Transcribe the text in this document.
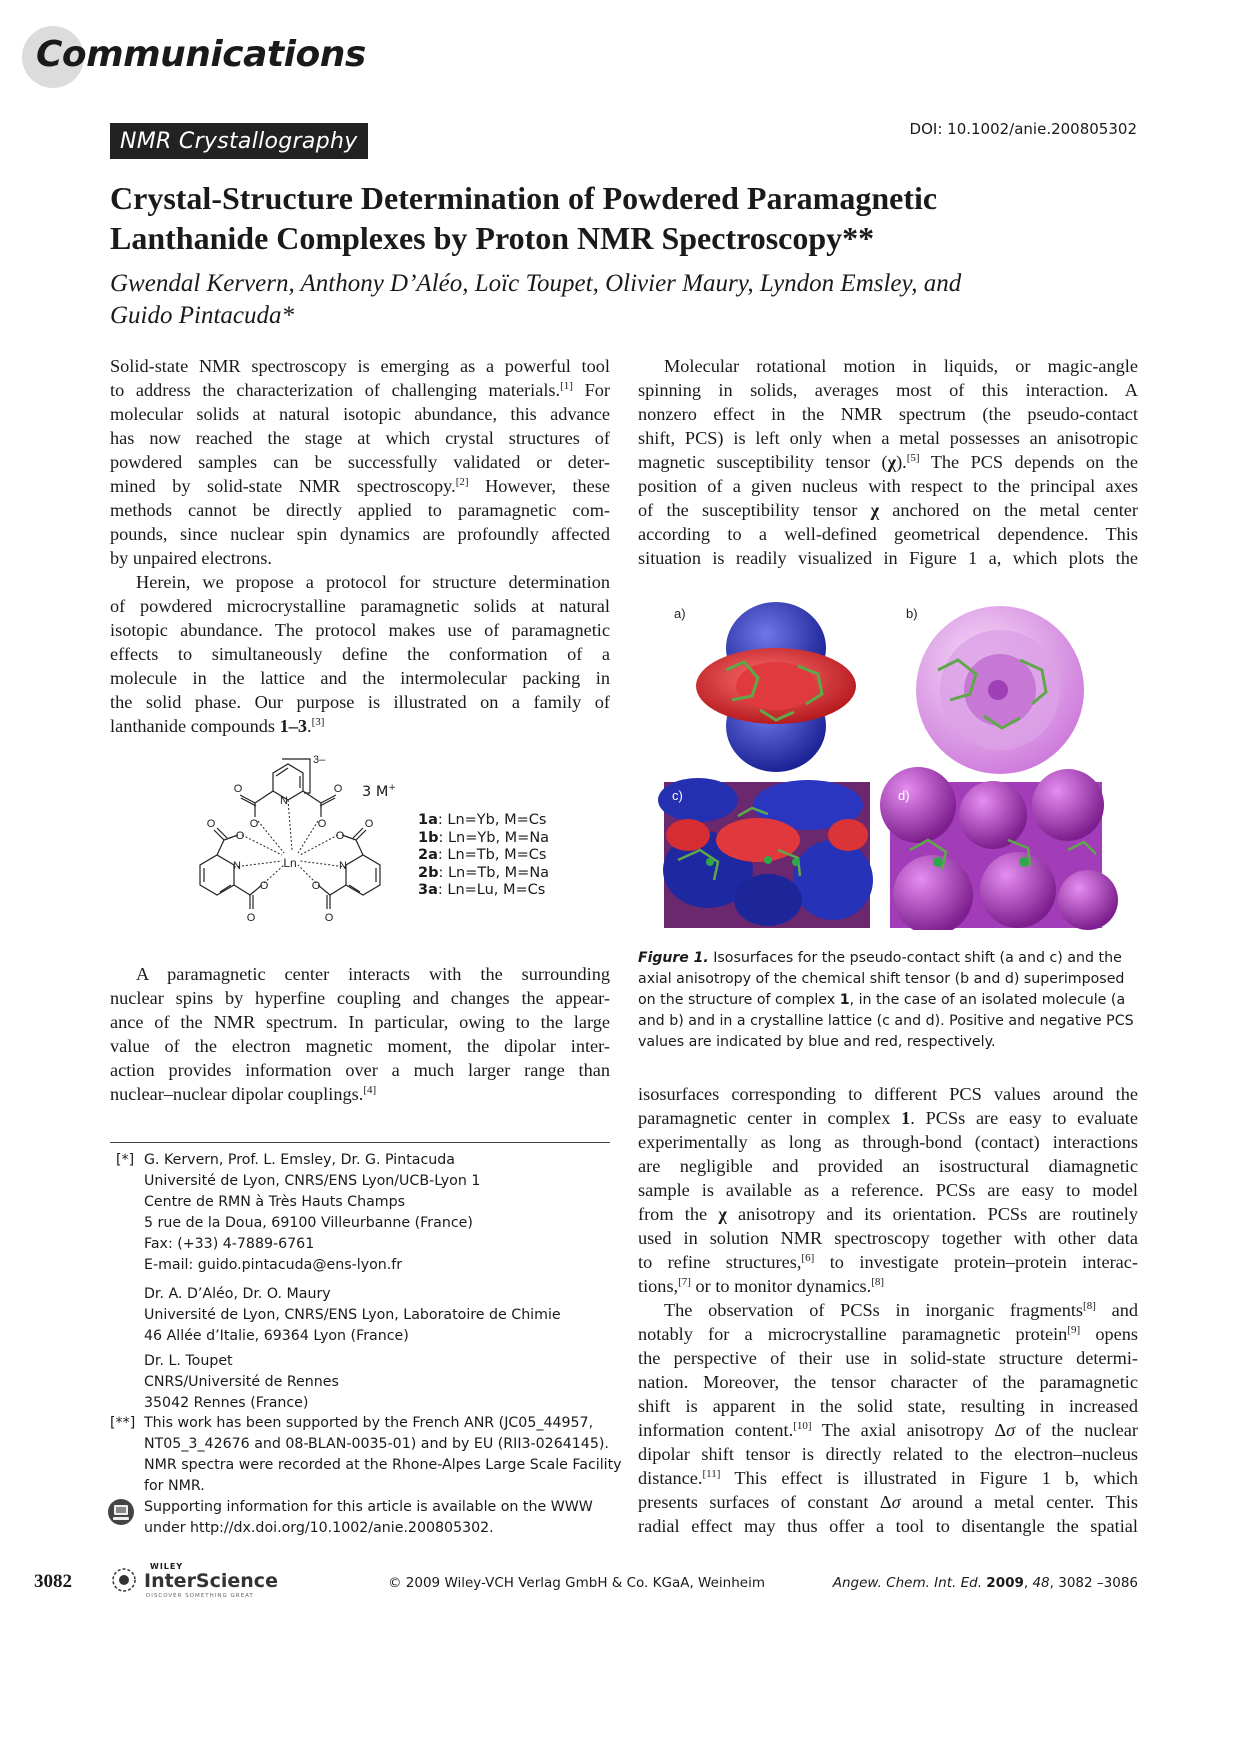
Communications
NMR Crystallography	DOI: 10.1002/anie.200805302
Crystal-Structure Determination of Powdered Paramagnetic
Lanthanide Complexes by Proton NMR Spectroscopy**
Gwendal Kervern, Anthony D’Aléo, Loïc Toupet, Olivier Maury, Lyndon Emsley, and
Guido Pintacuda*
Solid-state NMR spectroscopy is emerging as a powerful tool
to address the characterization of challenging materials.[1] For
molecular solids at natural isotopic abundance, this advance
has now reached the stage at which crystal structures of
powdered samples can be successfully validated or deter-
mined by solid-state NMR spectroscopy.[2] However, these
methods cannot be directly applied to paramagnetic com-
pounds, since nuclear spin dynamics are profoundly affected
by unpaired electrons.
Herein, we propose a protocol for structure determination
of powdered microcrystalline paramagnetic solids at natural
isotopic abundance. The protocol makes use of paramagnetic
effects to simultaneously define the conformation of a
molecule in the lattice and the intermolecular packing in
the solid phase. Our purpose is illustrated on a family of
lanthanide compounds 1–3.[3]
3–
Ln
N
O	O
O	O
O
O
O
O
N	N
O	O
O	O
3 M+
1a: Ln=Yb, M=Cs
1b: Ln=Yb, M=Na
2a: Ln=Tb, M=Cs
2b: Ln=Tb, M=Na
3a: Ln=Lu, M=Cs
A paramagnetic center interacts with the surrounding
nuclear spins by hyperfine coupling and changes the appear-
ance of the NMR spectrum. In particular, owing to the large
value of the electron magnetic moment, the dipolar inter-
action provides information over a much larger range than
nuclear–nuclear dipolar couplings.[4]
[*] G. Kervern, Prof. L. Emsley, Dr. G. Pintacuda
Université de Lyon, CNRS/ENS Lyon/UCB-Lyon 1
Centre de RMN à Très Hauts Champs
5 rue de la Doua, 69100 Villeurbanne (France)
Fax: (+33) 4-7889-6761
E-mail: guido.pintacuda@ens-lyon.fr
Dr. A. D’Aléo, Dr. O. Maury
Université de Lyon, CNRS/ENS Lyon, Laboratoire de Chimie
46 Allée d’Italie, 69364 Lyon (France)
Dr. L. Toupet
CNRS/Université de Rennes
35042 Rennes (France)
[**] This work has been supported by the French ANR (JC05_44957,
NT05_3_42676 and 08-BLAN-0035-01) and by EU (RII3-0264145).
NMR spectra were recorded at the Rhone-Alpes Large Scale Facility
for NMR.
Supporting information for this article is available on the WWW
under http://dx.doi.org/10.1002/anie.200805302.
Molecular rotational motion in liquids, or magic-angle
spinning in solids, averages most of this interaction. A
nonzero effect in the NMR spectrum (the pseudo-contact
shift, PCS) is left only when a metal possesses an anisotropic
magnetic susceptibility tensor (χ).[5] The PCS depends on the
position of a given nucleus with respect to the principal axes
of the susceptibility tensor χ anchored on the metal center
according to a well-defined geometrical dependence. This
situation is readily visualized in Figure 1 a, which plots the
a)	b)
c)	d)
Figure 1. Isosurfaces for the pseudo-contact shift (a and c) and the
axial anisotropy of the chemical shift tensor (b and d) superimposed
on the structure of complex 1, in the case of an isolated molecule (a
and b) and in a crystalline lattice (c and d). Positive and negative PCS
values are indicated by blue and red, respectively.
isosurfaces corresponding to different PCS values around the
paramagnetic center in complex 1. PCSs are easy to evaluate
experimentally as long as through-bond (contact) interactions
are negligible and provided an isostructural diamagnetic
sample is available as a reference. PCSs are easy to model
from the χ anisotropy and its orientation. PCSs are routinely
used in solution NMR spectroscopy together with other data
to refine structures,[6] to investigate protein–protein interac-
tions,[7] or to monitor dynamics.[8]
The observation of PCSs in inorganic fragments[8] and
notably for a microcrystalline paramagnetic protein[9] opens
the perspective of their use in solid-state structure determi-
nation. Moreover, the tensor character of the paramagnetic
shift is apparent in the solid state, resulting in increased
information content.[10] The axial anisotropy Δσ of the nuclear
dipolar shift tensor is directly related to the electron–nucleus
distance.[11] This effect is illustrated in Figure 1 b, which
presents surfaces of constant Δσ around a metal center. This
radial effect may thus offer a tool to disentangle the spatial
3082
WILEY
InterScience
DISCOVER SOMETHING GREAT
© 2009 Wiley-VCH Verlag GmbH & Co. KGaA, Weinheim	Angew. Chem. Int. Ed. 2009, 48, 3082 –3086
